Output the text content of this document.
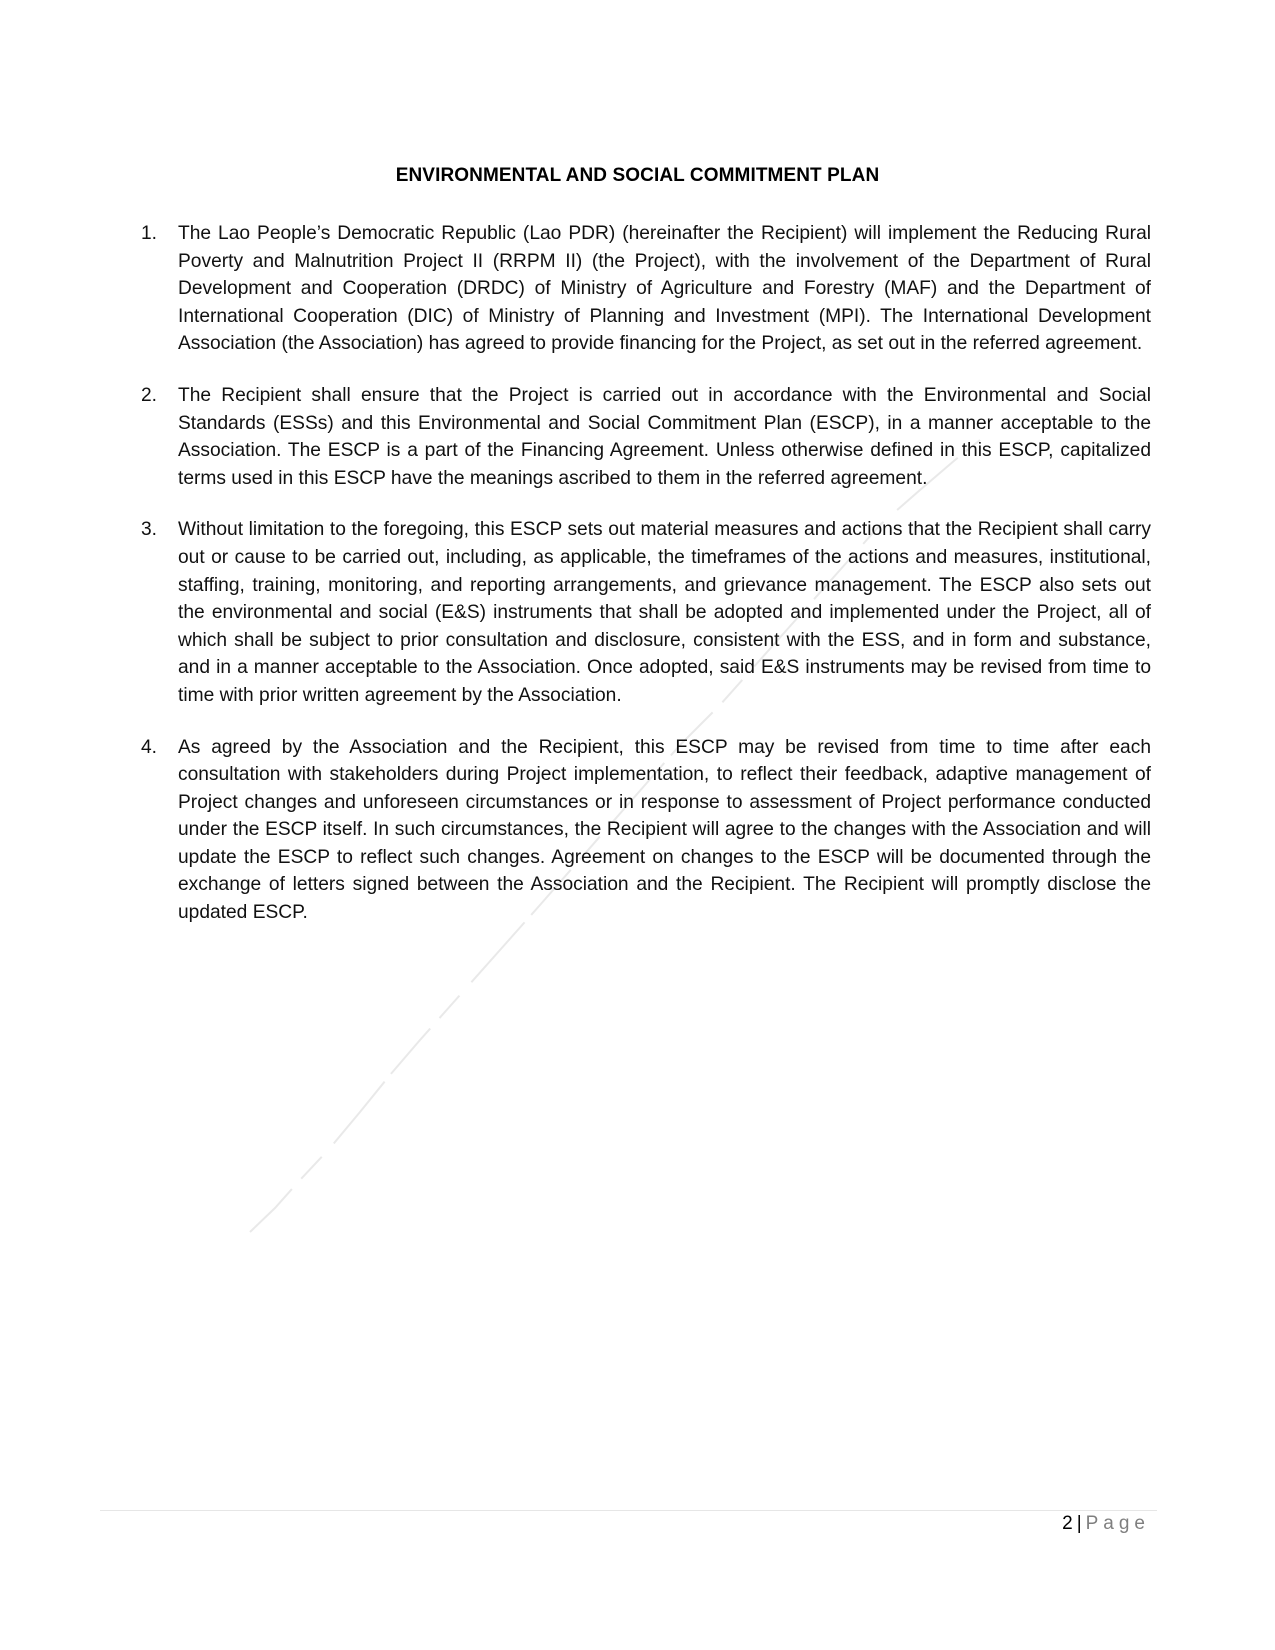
ENVIRONMENTAL AND SOCIAL COMMITMENT PLAN
1.	The Lao People’s Democratic Republic (Lao PDR) (hereinafter the Recipient) will implement the Reducing Rural Poverty and Malnutrition Project II (RRPM II) (the Project), with the involvement of the Department of Rural Development and Cooperation (DRDC) of Ministry of Agriculture and Forestry (MAF) and the Department of International Cooperation (DIC) of Ministry of Planning and Investment (MPI). The International Development Association (the Association) has agreed to provide financing for the Project, as set out in the referred agreement.
2.	The Recipient shall ensure that the Project is carried out in accordance with the Environmental and Social Standards (ESSs) and this Environmental and Social Commitment Plan (ESCP), in a manner acceptable to the Association. The ESCP is a part of the Financing Agreement. Unless otherwise defined in this ESCP, capitalized terms used in this ESCP have the meanings ascribed to them in the referred agreement.
3.	Without limitation to the foregoing, this ESCP sets out material measures and actions that the Recipient shall carry out or cause to be carried out, including, as applicable, the timeframes of the actions and measures, institutional, staffing, training, monitoring, and reporting arrangements, and grievance management. The ESCP also sets out the environmental and social (E&S) instruments that shall be adopted and implemented under the Project, all of which shall be subject to prior consultation and disclosure, consistent with the ESS, and in form and substance, and in a manner acceptable to the Association. Once adopted, said E&S instruments may be revised from time to time with prior written agreement by the Association.
4.	As agreed by the Association and the Recipient, this ESCP may be revised from time to time after each consultation with stakeholders during Project implementation, to reflect their feedback, adaptive management of Project changes and unforeseen circumstances or in response to assessment of Project performance conducted under the ESCP itself. In such circumstances, the Recipient will agree to the changes with the Association and will update the ESCP to reflect such changes. Agreement on changes to the ESCP will be documented through the exchange of letters signed between the Association and the Recipient. The Recipient will promptly disclose the updated ESCP.
2 | Page
